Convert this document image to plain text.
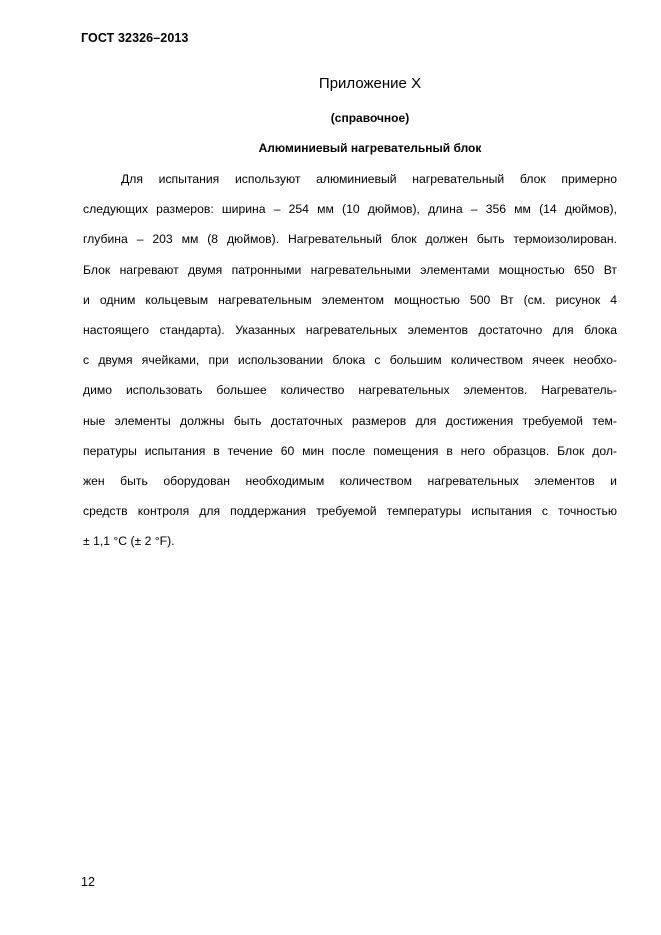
ГОСТ 32326–2013
Приложение Х
(справочное)
Алюминиевый нагревательный блок
Для испытания используют алюминиевый нагревательный блок примерно
следующих размеров: ширина – 254 мм (10 дюймов), длина – 356 мм (14 дюймов),
глубина – 203 мм (8 дюймов). Нагревательный блок должен быть термоизолирован.
Блок нагревают двумя патронными нагревательными элементами мощностью 650 Вт
и одним кольцевым нагревательным элементом мощностью 500 Вт (см. рисунок 4
настоящего стандарта). Указанных нагревательных элементов достаточно для блока
с двумя ячейками, при использовании блока с большим количеством ячеек необхо-
димо использовать большее количество нагревательных элементов. Нагреватель-
ные элементы должны быть достаточных размеров для достижения требуемой тем-
пературы испытания в течение 60 мин после помещения в него образцов. Блок дол-
жен быть оборудован необходимым количеством нагревательных элементов и
средств контроля для поддержания требуемой температуры испытания с точностью
± 1,1 °С (± 2 °F).
12
